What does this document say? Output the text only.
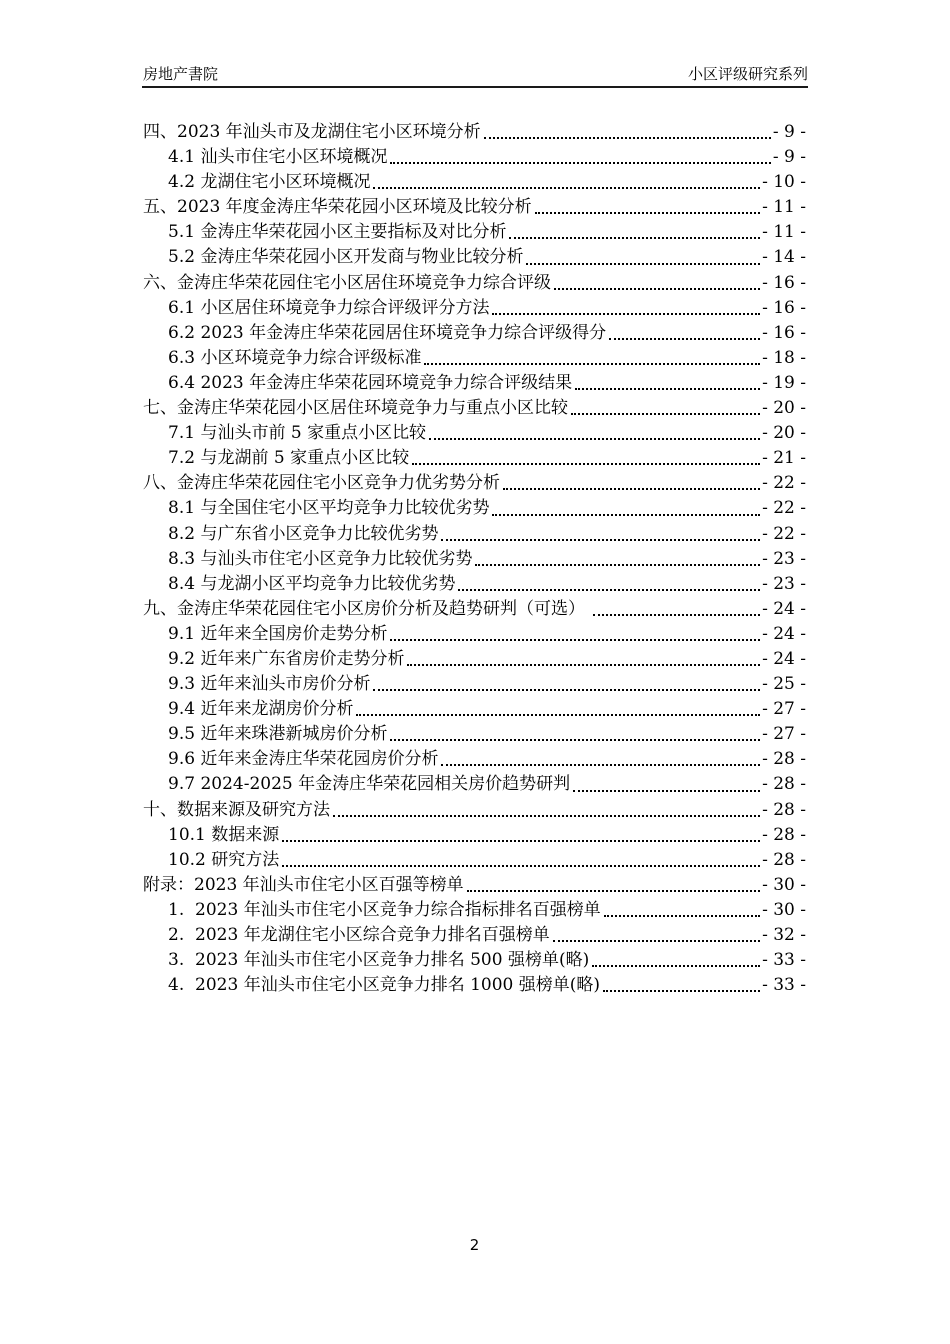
房地产書院	小区评级研究系列
四、2023 年汕头市及龙湖住宅小区环境分析	- 9 -
4.1 汕头市住宅小区环境概况	- 9 -
4.2 龙湖住宅小区环境概况	- 10 -
五、2023 年度金涛庄华荣花园小区环境及比较分析	- 11 -
5.1 金涛庄华荣花园小区主要指标及对比分析	- 11 -
5.2 金涛庄华荣花园小区开发商与物业比较分析	- 14 -
六、金涛庄华荣花园住宅小区居住环境竞争力综合评级	- 16 -
6.1 小区居住环境竞争力综合评级评分方法	- 16 -
6.2 2023 年金涛庄华荣花园居住环境竞争力综合评级得分	- 16 -
6.3 小区环境竞争力综合评级标准	- 18 -
6.4 2023 年金涛庄华荣花园环境竞争力综合评级结果	- 19 -
七、金涛庄华荣花园小区居住环境竞争力与重点小区比较	- 20 -
7.1 与汕头市前 5 家重点小区比较	- 20 -
7.2 与龙湖前 5 家重点小区比较	- 21 -
八、金涛庄华荣花园住宅小区竞争力优劣势分析	- 22 -
8.1 与全国住宅小区平均竞争力比较优劣势	- 22 -
8.2 与广东省小区竞争力比较优劣势	- 22 -
8.3 与汕头市住宅小区竞争力比较优劣势	- 23 -
8.4 与龙湖小区平均竞争力比较优劣势	- 23 -
九、金涛庄华荣花园住宅小区房价分析及趋势研判（可选）	- 24 -
9.1 近年来全国房价走势分析	- 24 -
9.2 近年来广东省房价走势分析	- 24 -
9.3 近年来汕头市房价分析	- 25 -
9.4 近年来龙湖房价分析	- 27 -
9.5 近年来珠港新城房价分析	- 27 -
9.6 近年来金涛庄华荣花园房价分析	- 28 -
9.7 2024-2025 年金涛庄华荣花园相关房价趋势研判	- 28 -
十、数据来源及研究方法	- 28 -
10.1 数据来源	- 28 -
10.2 研究方法	- 28 -
附录：2023 年汕头市住宅小区百强等榜单	- 30 -
1.  2023 年汕头市住宅小区竞争力综合指标排名百强榜单	- 30 -
2.  2023 年龙湖住宅小区综合竞争力排名百强榜单	- 32 -
3.  2023 年汕头市住宅小区竞争力排名 500 强榜单(略)	- 33 -
4.  2023 年汕头市住宅小区竞争力排名 1000 强榜单(略)	- 33 -
2
